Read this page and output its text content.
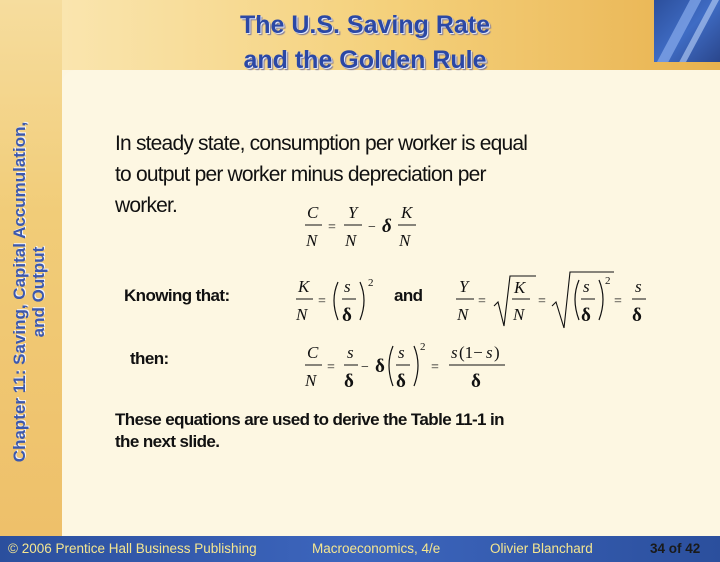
The U.S. Saving Rate
and the Golden Rule
Chapter 11: Saving, Capital Accumulation, and Output
In steady state, consumption per worker is equal
to output per worker minus depreciation per
worker.	C
N
=
Y
N
− δ
K
N
Knowing that:	K
N
=
s
δ
2
and Y
N
=
K
N
=
s
δ
2
=
s
δ
then:	C
N
=
s
δ
− δ
s
δ
2
=
s (1− s )
δ
These equations are used to derive the Table 11-1 in
the next slide.
© 2006 Prentice Hall Business Publishing	Macroeconomics, 4/e	Olivier Blanchard	34 of 42
